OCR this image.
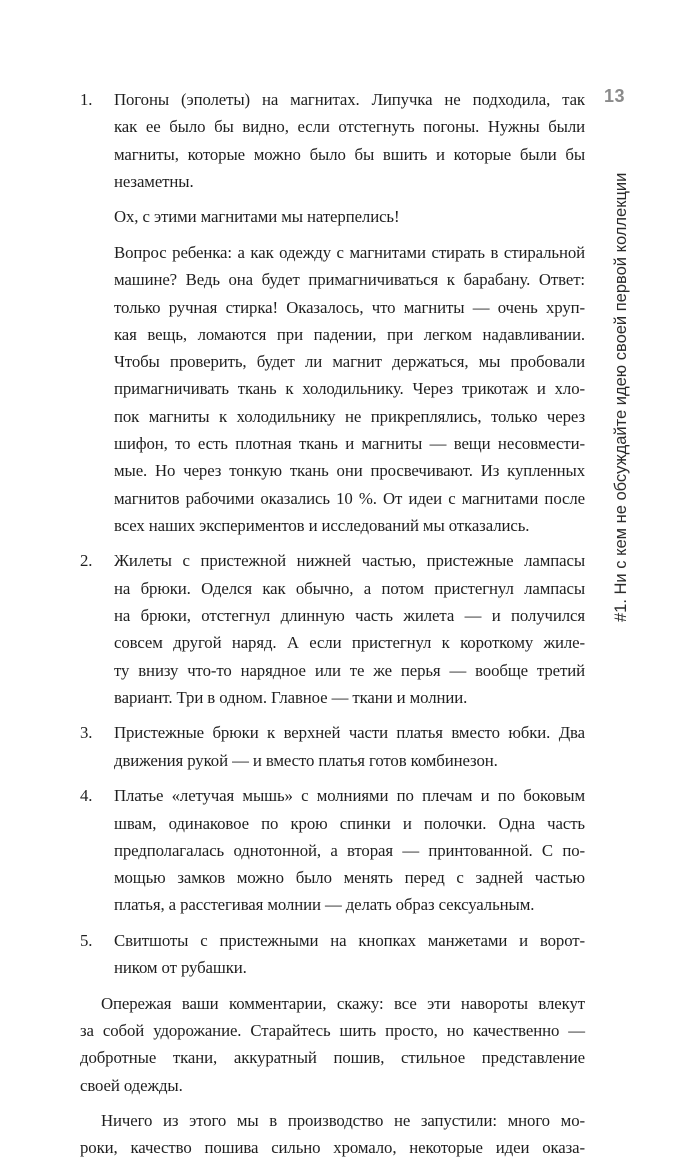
13
#1. Ни с кем не обсуждайте идею своей первой коллекции
1. Погоны (эполеты) на магнитах. Липучка не подходила, так
как ее было бы видно, если отстегнуть погоны. Нужны были
магниты, которые можно было бы вшить и которые были бы
незаметны.
Ох, с этими магнитами мы натерпелись!
Вопрос ребенка: а как одежду с магнитами стирать в стиральной
машине? Ведь она будет примагничиваться к барабану. Ответ:
только ручная стирка! Оказалось, что магниты — очень хруп-
кая вещь, ломаются при падении, при легком надавливании.
Чтобы проверить, будет ли магнит держаться, мы пробовали
примагничивать ткань к холодильнику. Через трикотаж и хло-
пок магниты к холодильнику не прикреплялись, только через
шифон, то есть плотная ткань и магниты — вещи несовмести-
мые. Но через тонкую ткань они просвечивают. Из купленных
магнитов рабочими оказались 10 %. От идеи с магнитами после
всех наших экспериментов и исследований мы отказались.
2. Жилеты с пристежной нижней частью, пристежные лампасы
на брюки. Оделся как обычно, а потом пристегнул лампасы
на брюки, отстегнул длинную часть жилета — и получился
совсем другой наряд. А если пристегнул к короткому жиле-
ту внизу что-то нарядное или те же перья — вообще третий
вариант. Три в одном. Главное — ткани и молнии.
3. Пристежные брюки к верхней части платья вместо юбки. Два
движения рукой — и вместо платья готов комбинезон.
4. Платье «летучая мышь» с молниями по плечам и по боковым
швам, одинаковое по крою спинки и полочки. Одна часть
предполагалась однотонной, а вторая — принтованной. С по-
мощью замков можно было менять перед с задней частью
платья, а расстегивая молнии — делать образ сексуальным.
5. Свитшоты с пристежными на кнопках манжетами и ворот-
ником от рубашки.
Опережая ваши комментарии, скажу: все эти навороты влекут
за собой удорожание. Старайтесь шить просто, но качественно —
добротные ткани, аккуратный пошив, стильное представление
своей одежды.
Ничего из этого мы в производство не запустили: много мо-
роки, качество пошива сильно хромало, некоторые идеи оказа-
